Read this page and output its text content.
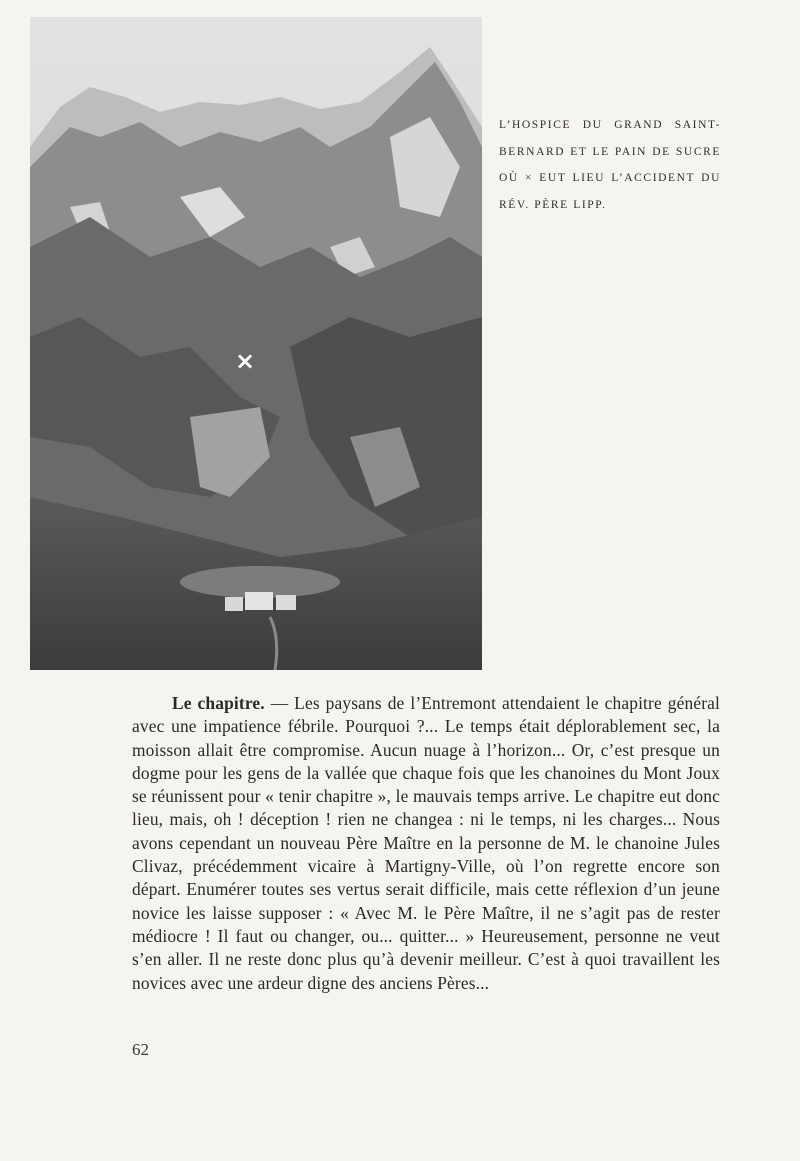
×
L’HOSPICE DU GRAND SAINT-BERNARD ET LE PAIN DE SUCRE OÙ × EUT LIEU L’ACCIDENT DU RÉV. PÈRE LIPP.

Le chapitre. — Les paysans de l’Entremont attendaient le chapitre général avec une impatience fébrile. Pourquoi ?... Le temps était déplorablement sec, la moisson allait être compromise. Aucun nuage à l’horizon... Or, c’est presque un dogme pour les gens de la vallée que chaque fois que les chanoines du Mont Joux se réunissent pour « tenir chapitre », le mauvais temps arrive. Le chapitre eut donc lieu, mais, oh ! déception ! rien ne changea : ni le temps, ni les charges... Nous avons cependant un nouveau Père Maître en la personne de M. le chanoine Jules Clivaz, précédemment vicaire à Martigny-Ville, où l’on regrette encore son départ. Enumérer toutes ses vertus serait difficile, mais cette réflexion d’un jeune novice les laisse supposer : « Avec M. le Père Maître, il ne s’agit pas de rester médiocre ! Il faut ou changer, ou... quitter... » Heureusement, personne ne veut s’en aller. Il ne reste donc plus qu’à devenir meilleur. C’est à quoi travaillent les novices avec une ardeur digne des anciens Pères...

62
